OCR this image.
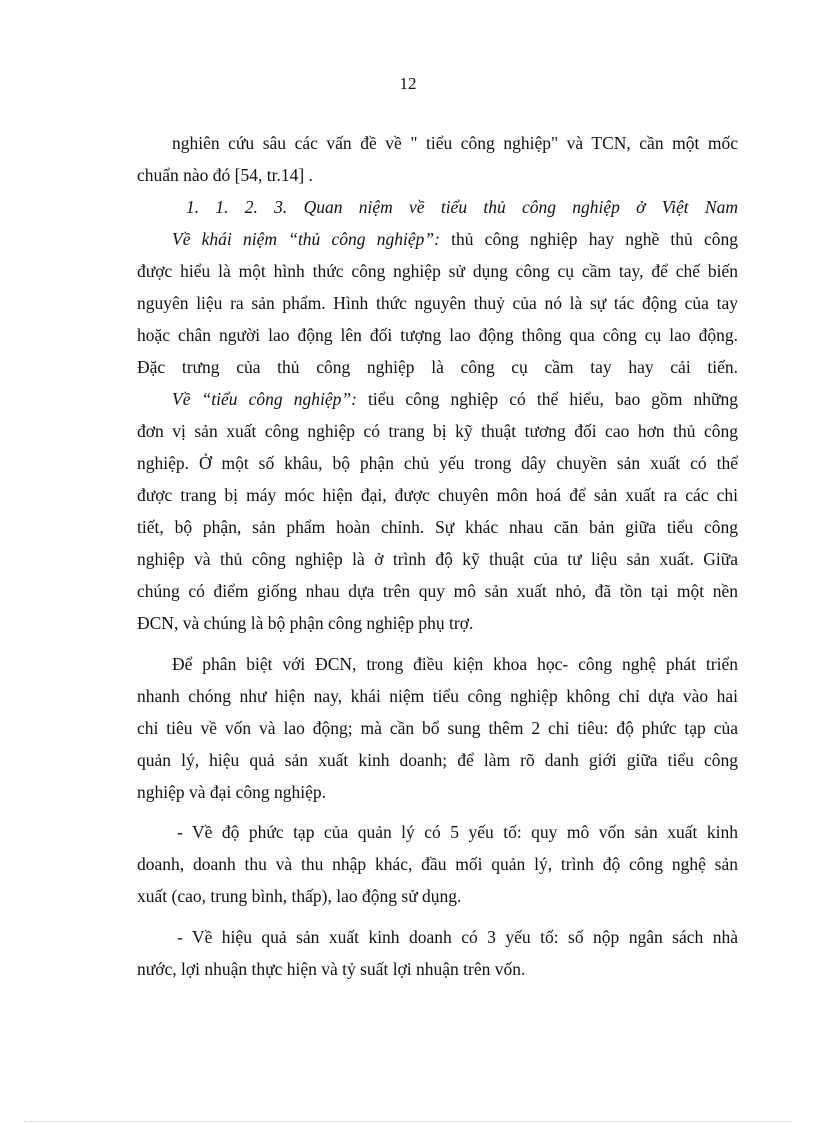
12
nghiên cứu sâu các vấn đề về " tiểu công nghiệp" và TCN, cần một mốc
chuẩn nào đó [54, tr.14] .
1. 1. 2. 3. Quan niệm về tiểu thủ công nghiệp ở Việt Nam
Về khái niệm “thủ công nghiệp”: thủ công nghiệp hay nghề thủ công
được hiểu là một hình thức công nghiệp sử dụng công cụ cầm tay, để chế biến
nguyên liệu ra sản phẩm. Hình thức nguyên thuỷ của nó là sự tác động của tay
hoặc chân người lao động lên đối tượng lao động thông qua công cụ lao động.
Đặc trưng của thủ công nghiệp là công cụ cầm tay hay cải tiến.
Về “tiểu công nghiệp”: tiểu công nghiệp có thể hiểu, bao gồm những
đơn vị sản xuất công nghiệp có trang bị kỹ thuật tương đối cao hơn thủ công
nghiệp. Ở một số khâu, bộ phận chủ yếu trong dây chuyền sản xuất có thể
được trang bị máy móc hiện đại, được chuyên môn hoá để sản xuất ra các chi
tiết, bộ phận, sản phẩm hoàn chỉnh. Sự khác nhau căn bản giữa tiểu công
nghiệp và thủ công nghiệp là ở trình độ kỹ thuật của tư liệu sản xuất. Giữa
chúng có điểm giống nhau dựa trên quy mô sản xuất nhỏ, đã tồn tại một nền
ĐCN, và chúng là bộ phận công nghiệp phụ trợ.
Để phân biệt với ĐCN, trong điều kiện khoa học- công nghệ phát triển
nhanh chóng như hiện nay, khái niệm tiểu công nghiệp không chỉ dựa vào hai
chỉ tiêu về vốn và lao động; mà cần bổ sung thêm 2 chỉ tiêu: độ phức tạp của
quản lý, hiệu quả sản xuất kinh doanh; để làm rõ danh giới giữa tiểu công
nghiệp và đại công nghiệp.
- Về độ phức tạp của quản lý có 5 yếu tố: quy mô vốn sản xuất kinh
doanh, doanh thu và thu nhập khác, đầu mối quản lý, trình độ công nghệ sản
xuất (cao, trung bình, thấp), lao động sử dụng.
- Về hiệu quả sản xuất kinh doanh có 3 yếu tố: số nộp ngân sách nhà
nước, lợi nhuận thực hiện và tỷ suất lợi nhuận trên vốn.
